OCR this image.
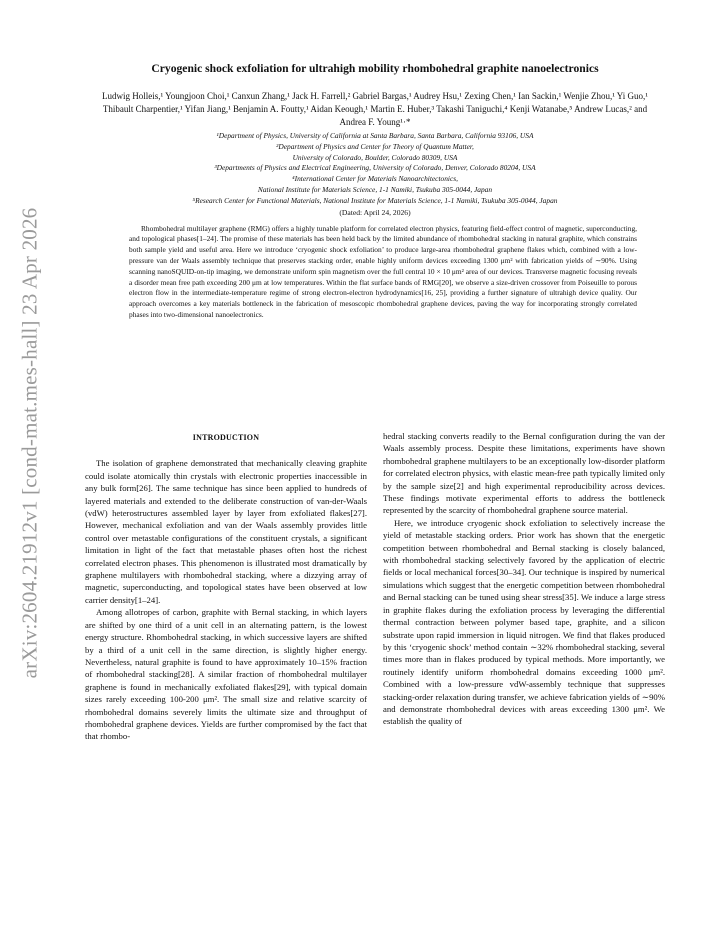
arXiv:2604.21912v1 [cond-mat.mes-hall] 23 Apr 2026
Cryogenic shock exfoliation for ultrahigh mobility rhombohedral graphite nanoelectronics
Ludwig Holleis,¹ Youngjoon Choi,¹ Canxun Zhang,¹ Jack H. Farrell,² Gabriel Bargas,¹ Audrey Hsu,¹ Zexing Chen,¹ Ian Sackin,¹ Wenjie Zhou,¹ Yi Guo,¹ Thibault Charpentier,¹ Yifan Jiang,¹ Benjamin A. Foutty,¹ Aidan Keough,¹ Martin E. Huber,³ Takashi Taniguchi,⁴ Kenji Watanabe,⁵ Andrew Lucas,² and Andrea F. Young¹·*
¹Department of Physics, University of California at Santa Barbara, Santa Barbara, California 93106, USA
²Department of Physics and Center for Theory of Quantum Matter,
University of Colorado, Boulder, Colorado 80309, USA
³Departments of Physics and Electrical Engineering, University of Colorado, Denver, Colorado 80204, USA
⁴International Center for Materials Nanoarchitectonics,
National Institute for Materials Science, 1-1 Namiki, Tsukuba 305-0044, Japan
⁵Research Center for Functional Materials, National Institute for Materials Science, 1-1 Namiki, Tsukuba 305-0044, Japan
(Dated: April 24, 2026)
Rhombohedral multilayer graphene (RMG) offers a highly tunable platform for correlated electron physics, featuring field-effect control of magnetic, superconducting, and topological phases[1–24]. The promise of these materials has been held back by the limited abundance of rhombohedral stacking in natural graphite, which constrains both sample yield and useful area. Here we introduce ‘cryogenic shock exfoliation’ to produce large-area rhombohedral graphene flakes which, combined with a low-pressure van der Waals assembly technique that preserves stacking order, enable highly uniform devices exceeding 1300 μm² with fabrication yields of ∼90%. Using scanning nanoSQUID-on-tip imaging, we demonstrate uniform spin magnetism over the full central 10 × 10 μm² area of our devices. Transverse magnetic focusing reveals a disorder mean free path exceeding 200 μm at low temperatures. Within the flat surface bands of RMG[20], we observe a size-driven crossover from Poiseuille to porous electron flow in the intermediate-temperature regime of strong electron-electron hydrodynamics[16, 25], providing a further signature of ultrahigh device quality. Our approach overcomes a key materials bottleneck in the fabrication of mesoscopic rhombohedral graphene devices, paving the way for incorporating strongly correlated phases into two-dimensional nanoelectronics.
INTRODUCTION

The isolation of graphene demonstrated that mechanically cleaving graphite could isolate atomically thin crystals with electronic properties inaccessible in any bulk form[26]. The same technique has since been applied to hundreds of layered materials and extended to the deliberate construction of van-der-Waals (vdW) heterostructures assembled layer by layer from exfoliated flakes[27]. However, mechanical exfoliation and van der Waals assembly provides little control over metastable configurations of the constituent crystals, a significant limitation in light of the fact that metastable phases often host the richest correlated electron phases. This phenomenon is illustrated most dramatically by graphene multilayers with rhombohedral stacking, where a dizzying array of magnetic, superconducting, and topological states have been observed at low carrier density[1–24].

Among allotropes of carbon, graphite with Bernal stacking, in which layers are shifted by one third of a unit cell in an alternating pattern, is the lowest energy structure. Rhombohedral stacking, in which successive layers are shifted by a third of a unit cell in the same direction, is slightly higher energy. Nevertheless, natural graphite is found to have approximately 10–15% fraction of rhombohedral stacking[28]. A similar fraction of rhombohedral multilayer graphene is found in mechanically exfoliated flakes[29], with typical domain sizes rarely exceeding 100-200 μm². The small size and relative scarcity of rhombohedral domains severely limits the ultimate size and throughput of rhombohedral graphene devices. Yields are further compromised by the fact that that rhombo-

hedral stacking converts readily to the Bernal configuration during the van der Waals assembly process. Despite these limitations, experiments have shown rhombohedral graphene multilayers to be an exceptionally low-disorder platform for correlated electron physics, with elastic mean-free path typically limited only by the sample size[2] and high experimental reproducibility across devices. These findings motivate experimental efforts to address the bottleneck represented by the scarcity of rhombohedral graphene source material.

Here, we introduce cryogenic shock exfoliation to selectively increase the yield of metastable stacking orders. Prior work has shown that the energetic competition between rhombohedral and Bernal stacking is closely balanced, with rhombohedral stacking selectively favored by the application of electric fields or local mechanical forces[30–34]. Our technique is inspired by numerical simulations which suggest that the energetic competition between rhombohedral and Bernal stacking can be tuned using shear stress[35]. We induce a large stress in graphite flakes during the exfoliation process by leveraging the differential thermal contraction between polymer based tape, graphite, and a silicon substrate upon rapid immersion in liquid nitrogen. We find that flakes produced by this ‘cryogenic shock’ method contain ∼32% rhombohedral stacking, several times more than in flakes produced by typical methods. More importantly, we routinely identify uniform rhombohedral domains exceeding 1000 μm². Combined with a low-pressure vdW-assembly technique that suppresses stacking-order relaxation during transfer, we achieve fabrication yields of ∼90% and demonstrate rhombohedral devices with areas exceeding 1300 μm². We establish the quality of
